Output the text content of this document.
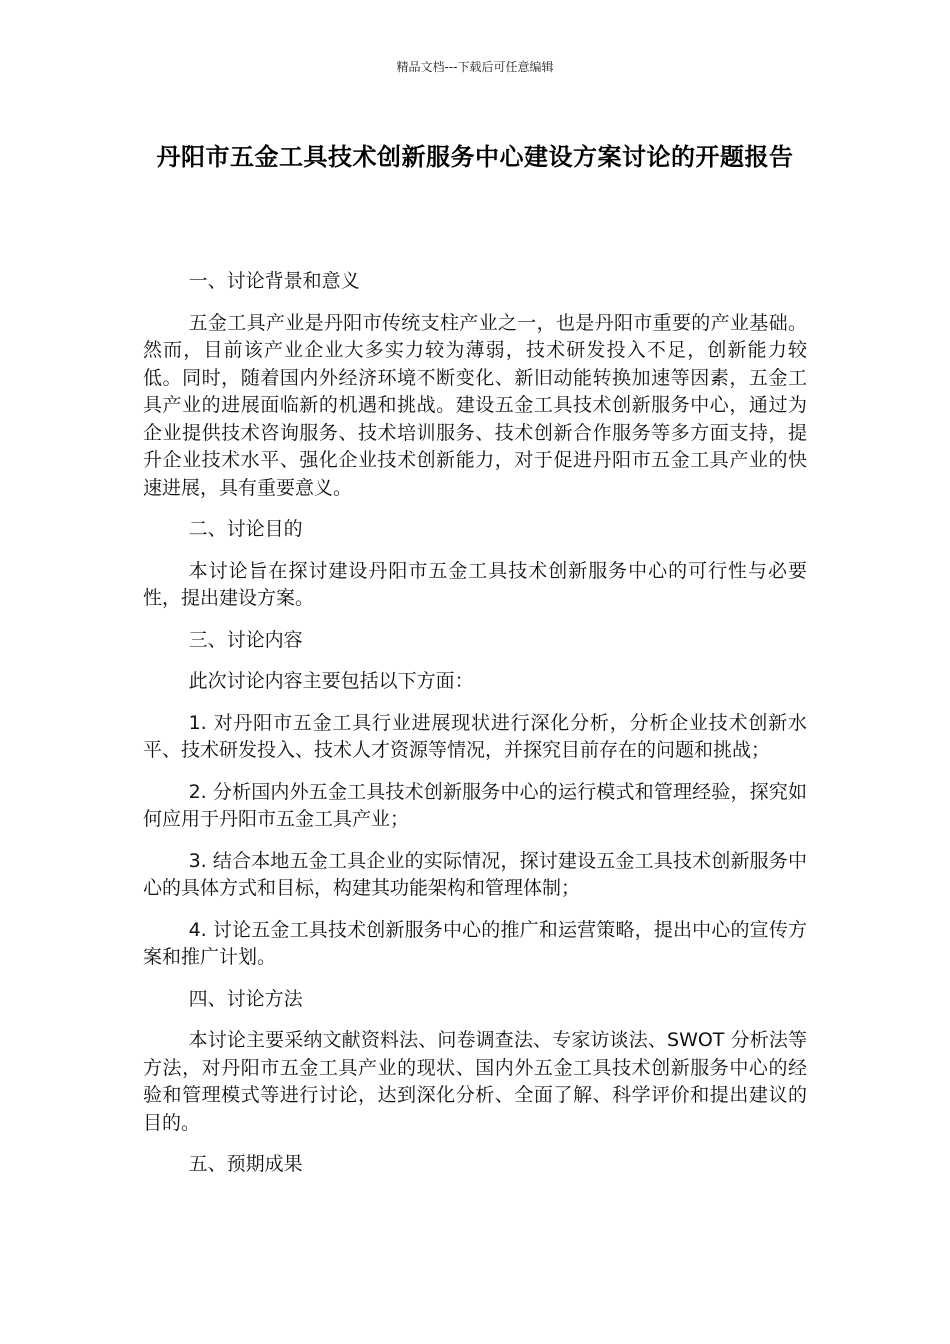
精品文档---下载后可任意编辑
丹阳市五金工具技术创新服务中心建设方案讨论的开题报告

一、讨论背景和意义

五金工具产业是丹阳市传统支柱产业之一，也是丹阳市重要的产业基础。然而，目前该产业企业大多实力较为薄弱，技术研发投入不足，创新能力较低。同时，随着国内外经济环境不断变化、新旧动能转换加速等因素，五金工具产业的进展面临新的机遇和挑战。建设五金工具技术创新服务中心，通过为企业提供技术咨询服务、技术培训服务、技术创新合作服务等多方面支持，提升企业技术水平、强化企业技术创新能力，对于促进丹阳市五金工具产业的快速进展，具有重要意义。

二、讨论目的

本讨论旨在探讨建设丹阳市五金工具技术创新服务中心的可行性与必要性，提出建设方案。

三、讨论内容

此次讨论内容主要包括以下方面：

1. 对丹阳市五金工具行业进展现状进行深化分析，分析企业技术创新水平、技术研发投入、技术人才资源等情况，并探究目前存在的问题和挑战；

2. 分析国内外五金工具技术创新服务中心的运行模式和管理经验，探究如何应用于丹阳市五金工具产业；

3. 结合本地五金工具企业的实际情况，探讨建设五金工具技术创新服务中心的具体方式和目标，构建其功能架构和管理体制；

4. 讨论五金工具技术创新服务中心的推广和运营策略，提出中心的宣传方案和推广计划。

四、讨论方法

本讨论主要采纳文献资料法、问卷调查法、专家访谈法、SWOT 分析法等方法，对丹阳市五金工具产业的现状、国内外五金工具技术创新服务中心的经验和管理模式等进行讨论，达到深化分析、全面了解、科学评价和提出建议的目的。

五、预期成果
